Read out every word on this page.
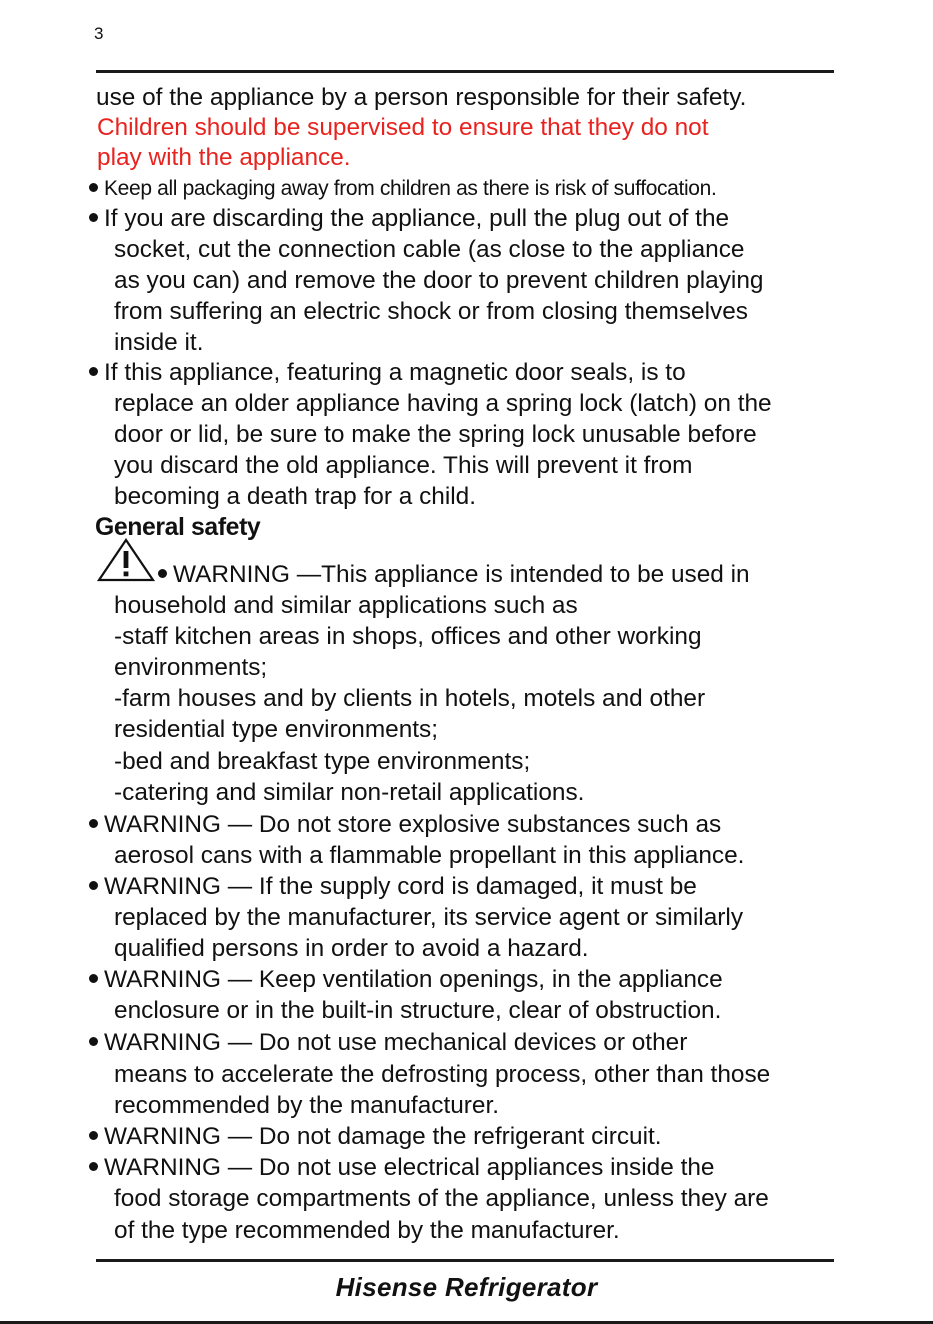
3
use of the appliance by a person responsible for their safety.
Children should be supervised to ensure that they do not
play with the appliance.
Keep all packaging away from children as there is risk of suffocation.
If you are discarding the appliance, pull the plug out of the
socket, cut the connection cable (as close to the appliance
as you can) and remove the door to prevent children playing
from suffering an electric shock or from closing themselves
inside it.
If this appliance, featuring a magnetic door seals, is to
replace an older appliance having a spring lock (latch) on the
door or lid, be sure to make the spring lock unusable before
you discard the old appliance. This will prevent it from
becoming a death trap for a child.
General safety
WARNING —This appliance is intended to be used in
household and similar applications such as
-staff kitchen areas in shops, offices and other working
environments;
-farm houses and by clients in hotels, motels and other
residential type environments;
-bed and breakfast type environments;
-catering and similar non-retail applications.
WARNING — Do not store explosive substances such as
aerosol cans with a flammable propellant in this appliance.
WARNING — If the supply cord is damaged, it must be
replaced by the manufacturer, its service agent or similarly
qualified persons in order to avoid a hazard.
WARNING — Keep ventilation openings, in the appliance
enclosure or in the built-in structure, clear of obstruction.
WARNING — Do not use mechanical devices or other
means to accelerate the defrosting process, other than those
recommended by the manufacturer.
WARNING — Do not damage the refrigerant circuit.
WARNING — Do not use electrical appliances inside the
food storage compartments of the appliance, unless they are
of the type recommended by the manufacturer.
Hisense Refrigerator
